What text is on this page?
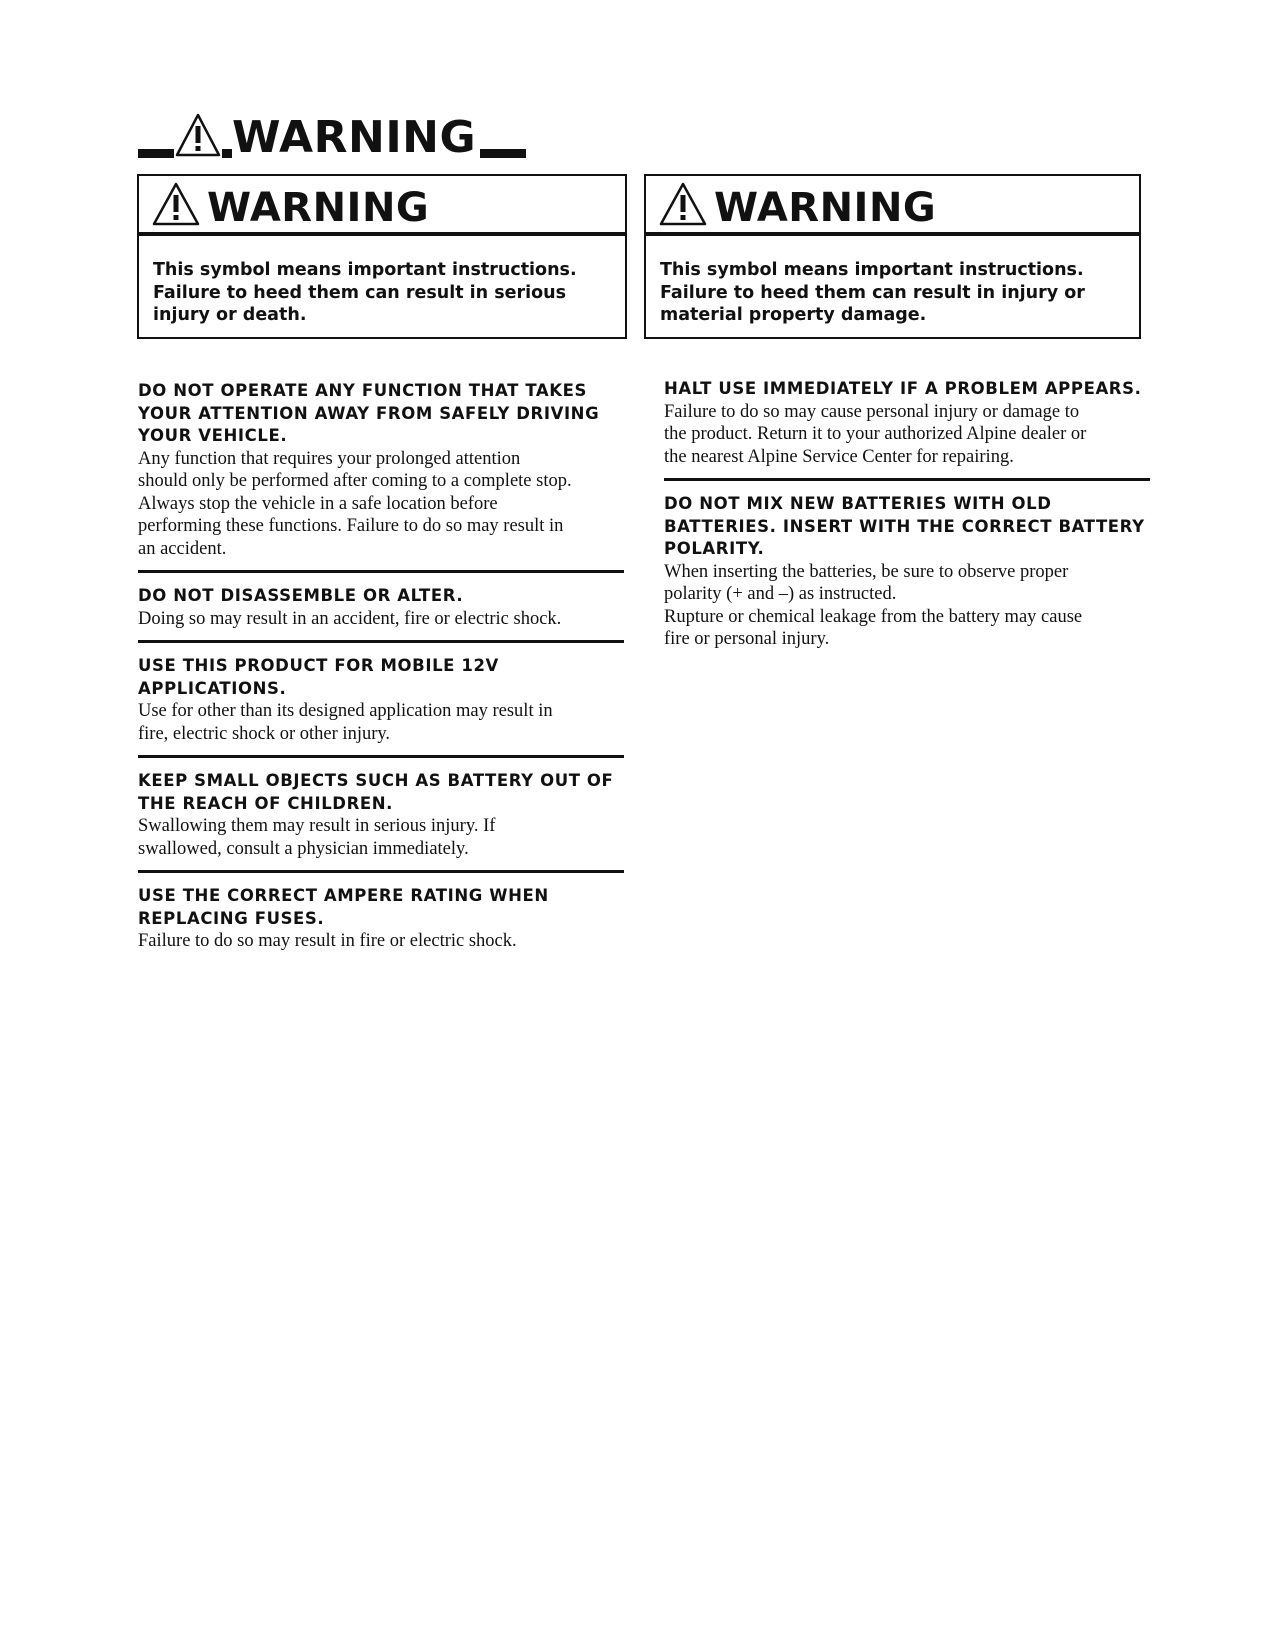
WARNING
WARNING
This symbol means important instructions. Failure to heed them can result in serious injury or death.
WARNING
This symbol means important instructions. Failure to heed them can result in injury or material property damage.
DO NOT OPERATE ANY FUNCTION THAT TAKES
YOUR ATTENTION AWAY FROM SAFELY DRIVING
YOUR VEHICLE.
Any function that requires your prolonged attention
should only be performed after coming to a complete stop.
Always stop the vehicle in a safe location before
performing these functions. Failure to do so may result in
an accident.
DO NOT DISASSEMBLE OR ALTER.
Doing so may result in an accident, fire or electric shock.
USE THIS PRODUCT FOR MOBILE 12V APPLICATIONS.
Use for other than its designed application may result in
fire, electric shock or other injury.
KEEP SMALL OBJECTS SUCH AS BATTERY OUT OF
THE REACH OF CHILDREN.
Swallowing them may result in serious injury. If
swallowed, consult a physician immediately.
USE THE CORRECT AMPERE RATING WHEN
REPLACING FUSES.
Failure to do so may result in fire or electric shock.
HALT USE IMMEDIATELY IF A PROBLEM APPEARS.
Failure to do so may cause personal injury or damage to
the product. Return it to your authorized Alpine dealer or
the nearest Alpine Service Center for repairing.
DO NOT MIX NEW BATTERIES WITH OLD
BATTERIES. INSERT WITH THE CORRECT BATTERY
POLARITY.
When inserting the batteries, be sure to observe proper
polarity (+ and –) as instructed.
Rupture or chemical leakage from the battery may cause
fire or personal injury.
